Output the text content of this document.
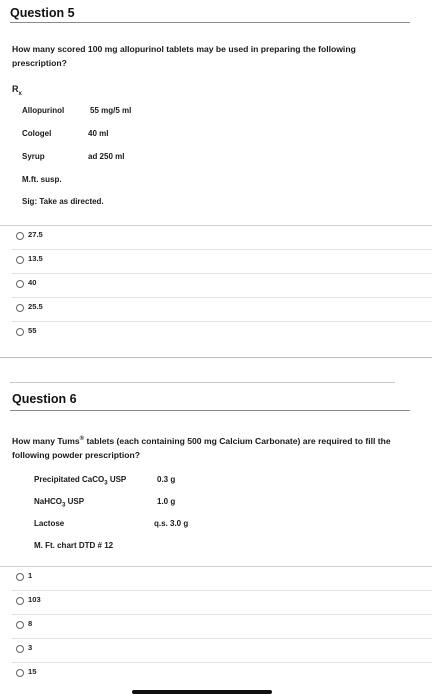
Question 5
How many scored 100 mg allopurinol tablets may be used in preparing the following
prescription?
$R_x$
Allopurinol	55 mg/5 ml
Cologel	40 ml
Syrup	ad 250 ml
M.ft. susp.
Sig: Take as directed.
27.5
13.5
40
25.5
55
Question 6
How many Tums® tablets (each containing 500 mg Calcium Carbonate) are required to fill the
following powder prescription?
Precipitated CaCO$_3$ USP	0.3 g
NaHCO$_3$ USP	1.0 g
Lactose	q.s. 3.0 g
M. Ft. chart DTD # 12
1
103
8
3
15
